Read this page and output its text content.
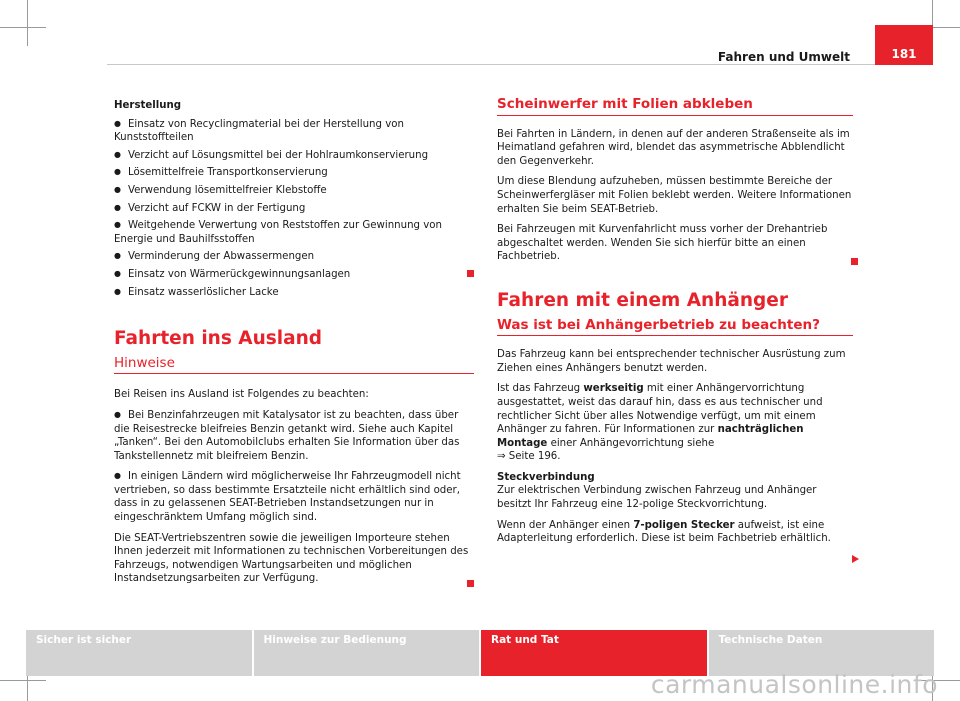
Fahren und Umwelt	181

Herstellung

● Einsatz von Recyclingmaterial bei der Herstellung von Kunststoffteilen

● Verzicht auf Lösungsmittel bei der Hohlraumkonservierung

● Lösemittelfreie Transportkonservierung

● Verwendung lösemittelfreier Klebstoffe

● Verzicht auf FCKW in der Fertigung

● Weitgehende Verwertung von Reststoffen zur Gewinnung von Energie und Bauhilfsstoffen

● Verminderung der Abwassermengen

● Einsatz von Wärmerückgewinnungsanlagen

● Einsatz wasserlöslicher Lacke

Fahrten ins Ausland

Hinweise

Bei Reisen ins Ausland ist Folgendes zu beachten:

● Bei Benzinfahrzeugen mit Katalysator ist zu beachten, dass über die Reisestrecke bleifreies Benzin getankt wird. Siehe auch Kapitel „Tanken“. Bei den Automobilclubs erhalten Sie Information über das Tankstellennetz mit bleifreiem Benzin.

● In einigen Ländern wird möglicherweise Ihr Fahrzeugmodell nicht vertrieben, so dass bestimmte Ersatzteile nicht erhältlich sind oder, dass in zu gelassenen SEAT-Betrieben Instandsetzungen nur in eingeschränktem Umfang möglich sind.

Die SEAT-Vertriebszentren sowie die jeweiligen Importeure stehen Ihnen jederzeit mit Informationen zu technischen Vorbereitungen des Fahrzeugs, notwendigen Wartungsarbeiten und möglichen Instandsetzungsarbeiten zur Verfügung.

Scheinwerfer mit Folien abkleben

Bei Fahrten in Ländern, in denen auf der anderen Straßenseite als im Heimatland gefahren wird, blendet das asymmetrische Abblendlicht den Gegenverkehr.

Um diese Blendung aufzuheben, müssen bestimmte Bereiche der Scheinwerfergläser mit Folien beklebt werden. Weitere Informationen erhalten Sie beim SEAT-Betrieb.

Bei Fahrzeugen mit Kurvenfahrlicht muss vorher der Drehantrieb abgeschaltet werden. Wenden Sie sich hierfür bitte an einen Fachbetrieb.

Fahren mit einem Anhänger

Was ist bei Anhängerbetrieb zu beachten?

Das Fahrzeug kann bei entsprechender technischer Ausrüstung zum Ziehen eines Anhängers benutzt werden.

Ist das Fahrzeug werkseitig mit einer Anhängervorrichtung ausgestattet, weist das darauf hin, dass es aus technischer und rechtlicher Sicht über alles Notwendige verfügt, um mit einem Anhänger zu fahren. Für Informationen zur nachträglichen Montage einer Anhängevorrichtung siehe
⇒ Seite 196.

Steckverbindung

Zur elektrischen Verbindung zwischen Fahrzeug und Anhänger besitzt Ihr Fahrzeug eine 12-polige Steckvorrichtung.

Wenn der Anhänger einen 7-poligen Stecker aufweist, ist eine Adapterleitung erforderlich. Diese ist beim Fachbetrieb erhältlich.

Sicher ist sicher	Hinweise zur Bedienung	Rat und Tat	Technische Daten
carmanualsonline.info
